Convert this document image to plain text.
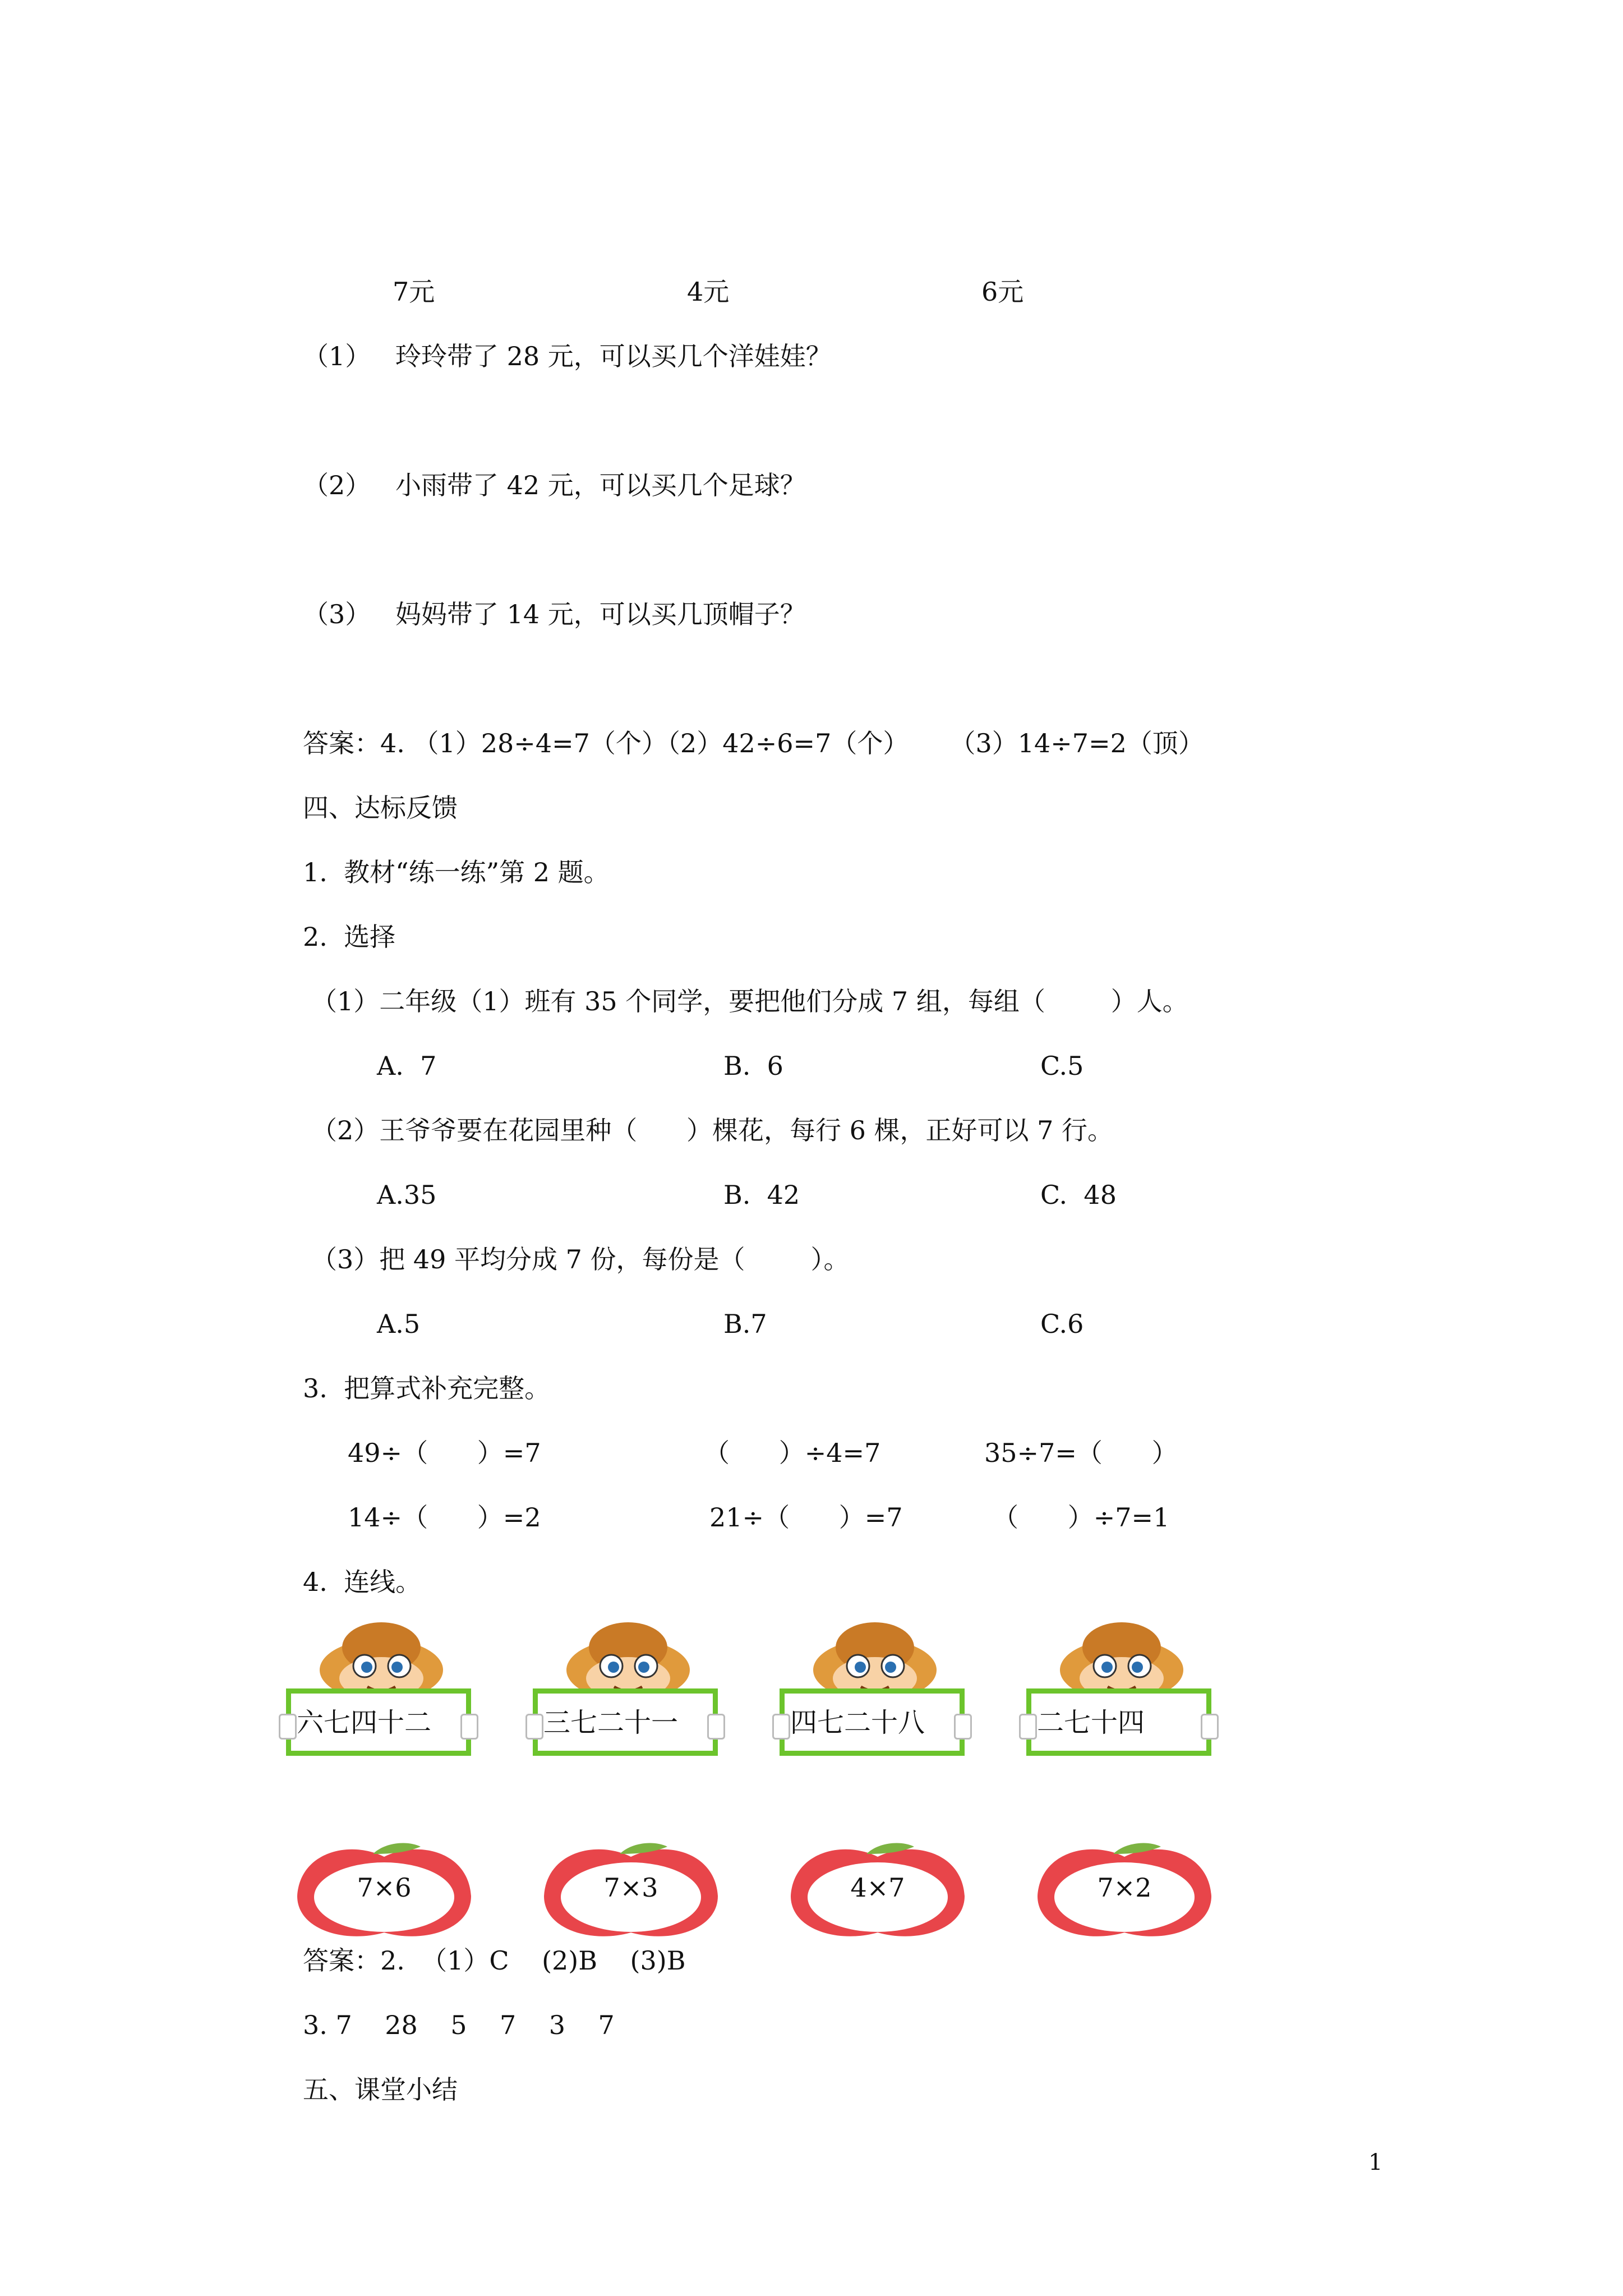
7元	4元	6元
（1） 玲玲带了 28 元，可以买几个洋娃娃？
（2） 小雨带了 42 元，可以买几个足球？
（3） 妈妈带了 14 元，可以买几顶帽子？
答案：4. （1）28÷4=7（个）（2）42÷6=7（个）     （3）14÷7=2（顶）
四、达标反馈
1.  教材“练一练”第 2 题。
2.  选择
（1）二年级（1）班有 35 个同学，要把他们分成 7 组，每组（        ）人。
A.  7	B.  6	C.5
（2）王爷爷要在花园里种（      ）棵花，每行 6 棵，正好可以 7 行。
A.35	B.  42	C.  48
（3）把 49 平均分成 7 份，每份是（        ）。
A.5	B.7	C.6
3.  把算式补充完整。
49÷（      ）=7	（      ）÷4=7	35÷7=（      ）
14÷（      ）=2	21÷（      ）=7	（      ）÷7=1
4.  连线。
六七四十二	三七二十一	四七二十八	二七十四
7×6	7×3	4×7	7×2
答案：2.  （1）C    (2)B    (3)B
3. 7    28    5    7    3    7
五、课堂小结
1
